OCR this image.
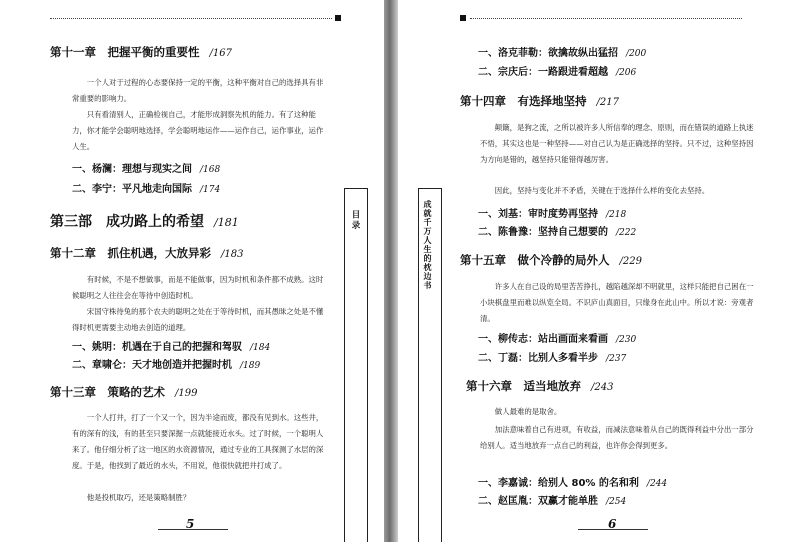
第十一章　把握平衡的重要性 /167
一个人对于过程的心态要保持一定的平衡，这种平衡对自己的选择具有非常重要的影响力。
只有看清别人，正确检视自己，才能形成洞察先机的能力。有了这种能力，你才能学会聪明地选择，学会聪明地运作——运作自己，运作事业，运作人生。
一、杨澜：理想与现实之间 /168
二、李宁：平凡地走向国际 /174
第三部　成功路上的希望 /181
第十二章　抓住机遇，大放异彩 /183
有时候，不是不想做事，而是不能做事，因为时机和条件都不成熟。这时候聪明之人往往会在等待中创造时机。
宋国守株待兔的那个农夫的聪明之处在于等待时机，而其愚昧之处是不懂得时机更需要主动地去创造的道理。
一、姚明：机遇在于自己的把握和驾驭 /184
二、章啸仑：天才地创造并把握时机 /189
第十三章　策略的艺术 /199
一个人打井，打了一个又一个，因为半途而废，都没有见到水。这些井，有的深有的浅，有的甚至只要深掘一点就能接近水头。过了时候，一个聪明人来了。他仔细分析了这一地区的水资源情况，通过专业的工具探测了水层的深度。于是，他找到了最近的水头，不用说，他很快就把井打成了。
他是投机取巧，还是策略制胜？
5
目录	成就千万人生的枕边书
一、洛克菲勒：欲擒故纵出猛招 /200
二、宗庆后：一路跟进看超越 /206
第十四章　有选择地坚持 /217
颠簸，是狗之流，之所以被许多人所信奉的理念、原则，而在错误的道路上执迷不悟，其实这也是一种坚持——对自己认为是正确选择的坚持。只不过，这种坚持因为方向是错的，越坚持只能错得越厉害。
因此，坚持与变化并不矛盾，关键在于选择什么样的变化去坚持。
一、刘基：审时度势再坚持 /218
二、陈鲁豫：坚持自己想要的 /222
第十五章　做个冷静的局外人 /229
许多人在自己设的局里苦苦挣扎，越陷越深却不明就里，这样只能把自己困在一小块棋盘里而难以纵览全局。不识庐山真面目，只缘身在此山中。所以才说：旁观者清。
一、柳传志：站出画面来看画 /230
二、丁磊：比别人多看半步 /237
第十六章　适当地放弃 /243
做人最难的是取舍。
加法意味着自己有进项，有收益，而减法意味着从自己的既得利益中分出一部分给别人。适当地放弃一点自己的利益，也许你会得到更多。
一、李嘉诚：给别人 80% 的名和利 /244
二、赵匡胤：双赢才能单胜 /254
6
